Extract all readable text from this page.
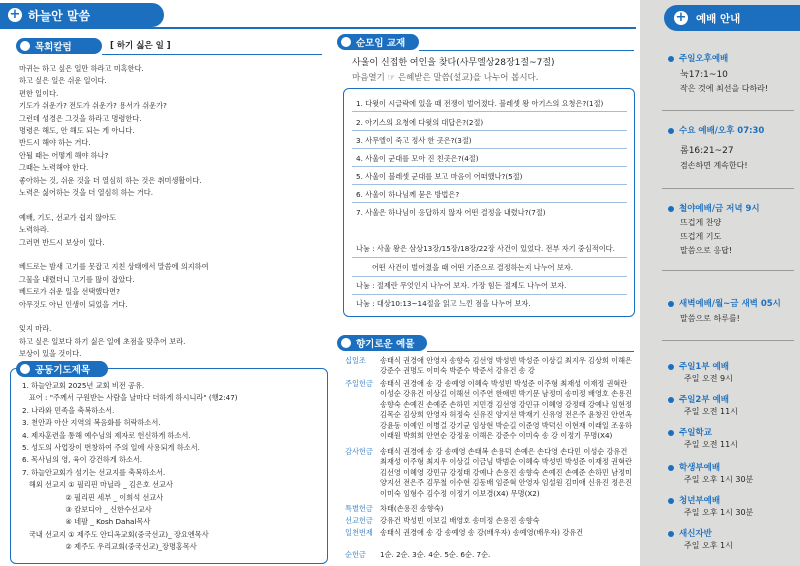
+ 하늘안 말씀
목회칼럼	[ 하기 싫은 일 ]
마귀는 하고 싶은 일만 하라고 미혹한다.
하고 싶은 일은 쉬운 일이다.
편한 일이다.
기도가 쉬운가? 전도가 쉬운가? 용서가 쉬운가?
그런데 성경은 그것을 하라고 명령한다.
명령은 해도, 안 해도 되는 게 아니다.
반드시 해야 하는 거다.
안될 때는 어떻게 해야 하나?
그때는 노력해야 한다.
좋아하는 것, 쉬운 것을 더 열심히 하는 것은 취미생활이다.
노력은 싫어하는 것을 더 열심히 하는 거다.
예배, 기도, 선교가 쉽지 않아도
노력하라.
그러면 반드시 보상이 있다.
베드로는 밤새 고기를 못잡고 지친 상태에서 말씀에 의지하여
그물을 내렸더니 고기를 많이 잡았다.
베드로가 쉬운 일을 선택했다면?
아무것도 아닌 인생이 되었을 거다.
잊지 마라.
하고 싶은 일보다 하기 싫은 일에 초점을 맞추어 보라.
보상이 있을 것이다.
공동기도제목
1. 하늘안교회 2025년 교회 비전 공유.
표어 : "주께서 구원받는 사람을 날마다 더하게 하시니라" (행2:47)
2. 나라와 민족을 축복하소서.
3. 천안과 아산 지역의 복음화를 허락하소서.
4. 제자훈련을 통해 예수님의 제자로 헌신하게 하소서.
5. 성도의 사업장이 번창하여 주의 일에 사용되게 하소서.
6. 목사님의 영, 육이 강건하게 하소서.
7. 하늘안교회가 섬기는 선교지를 축복하소서.
해외 선교지 ① 필리핀 마닐라 _ 김은호 선교사
② 필리핀 세부 _ 이희석 선교사
③ 캄보디아 _ 신한수선교사
④ 네팔 _ Kosh Dahal목사
국내 선교지 ① 제주도 안디옥교회(중국선교)_ 장요엔목사
② 제주도 우리교회(중국선교)_장명홍목사
순모임 교재
사울이 신접한 여인을 찾다(사무엘상28장1절~7절)
마음열기 ☞ 은혜받은 말씀(설교)을 나누어 봅시다.
1. 다윗이 시글락에 있을 때 전쟁이 벌어졌다. 블레셋 왕 아기스의 요청은?(1절)
2. 아기스의 요청에 다윗의 대답은?(2절)
3. 사무엘이 죽고 정사 한 곳은?(3절)
4. 사울이 군대를 모아 진 친곳은?(4절)
5. 사울이 블레셋 군대를 보고 마음이 어떠했나?(5절)
6. 사울이 하나님께 묻은 방법은?
7. 사울은 하나님이 응답하지 않자 어떤 결정을 내렸나?(7절)
나눔 : 사울 왕은 삼상13장/15장/18장/22장 사건이 있었다. 전부 자기 중심적이다.
어떤 사건이 벌어졌을 때 어떤 기준으로 결정하는지 나누어 보자.
나눔 : 절제란 무엇인지 나누어 보자. 가장 힘든 절제도 나누어 보자.
나눔 : 대상10:13~14절을 읽고 느낀 점을 나누어 보자.
향기로운 예물
십일조 송태식 권경애 안영자 송향숙 김선영 박성빈 박성준 이상길 최지우 김상희 이해은 강준수 권명도 이미숙 박준수 박준서 강유건 송 강
주일헌금 송태식 권경애 송 강 송예영 이혜숙 박성빈 박성준 이주형 최재성 이재정 권혁란 이성순 강유건 이상길 이해선 이주연 한애빈 박기문 남정미 송미정 배영호 손용진 송향숙 손예진 손예준 손하민 지민경 김선영 강민규 이혜영 강정태 강예나 임현정 김목순 김상희 안영자 허정숙 신유진 양지선 박재기 신유영 전은주 윤창진 안연옥 강윤동 이예인 이병걸 강기균 임상현 박순길 이준영 박덕신 이현재 이래일 조웅하 이래원 박희희 안연순 강정웅 이해은 강준수 이미숙 송 강 이정기 무명(X4)
감사헌금 송태식 권경애 송 강 송예영 손태복 손용덕 손예은 손다영 손다민 이성순 강유건 최재성 이주형 최지우 이상길 이금님 박범순 이혜숙 박성빈 박성준 이재정 권혁란 김선영 이혜영 강민규 강정태 강예나 손용진 송향숙 손예진 손예준 손하민 남정미 양지선 전은주 김무철 이수현 김동배 임준혁 안영자 임설원 김미애 신유진 정은진 이미숙 임형수 김수정 이정기 이보경(X4) 무명(X2)
특별헌금 차태(손용진 송향숙)
선교헌금 강유건 박성빈 이보길 배영호 송미정 손용진 송향숙
일천번제 송태식 권경애 송 강 송예영 송 강(배우자) 송예영(배우자) 강유건
순헌금 1순. 2순. 3순. 4순. 5순. 6순. 7순.
+ 예배 안내
주일오후예배
눅17:1~10
작은 것에 최선을 다하라!
수요 예배/오후 07:30
롬16:21~27
겸손하면 계속한다!
철야예배/금 저녁 9시
뜨겁게 찬양
뜨겁게 기도
말씀으로 응답!
새벽예배/월~금 새벽 05시
말씀으로 하루를!
주일1부 예배
주일 오전 9시
주일2부 예배
주일 오전 11시
주일학교
주일 오전 11시
학생부예배
주일 오후 1시 30분
청년부예배
주일 오후 1시 30분
새신자반
주일 오후 1시
